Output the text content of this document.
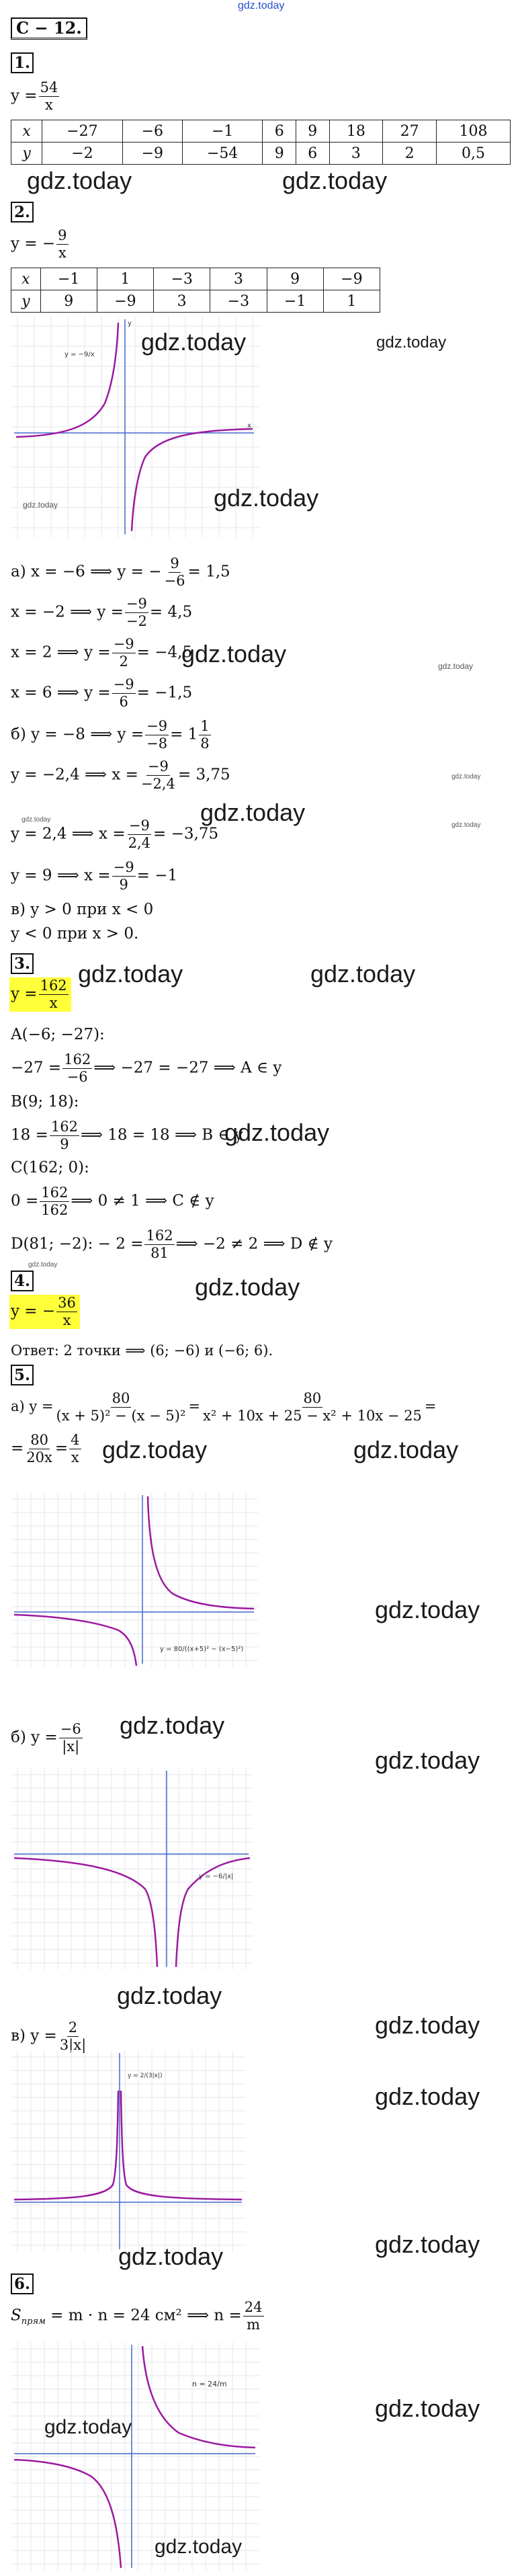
gdz.today
C − 12.
1.
$y = \frac{54}{x}$
x	−27	−6	−1	6	9	18	27	108
y	−2	−9	−54	9	6	3	2	0,5
gdz.today	gdz.today
2.
y = − $\frac{9}{x}$
x	−1	1	−3	3	9	−9
y	9	−9	3	−3	−1	1
x
y
y = −9/x gdz.today	gdz.today
gdz.today
gdz.today
а) x = −6 ⟹ y = − $\frac{9}{-6} = 1,5$
x = −2 ⟹ $y = \frac{-9}{-2} = 4,5$
x = 2 ⟹ $y = \frac{-9}{2} = -4,5$
gdz.today	gdz.today
x = 6 ⟹ $y = \frac{-9}{6} = -1,5$
б) y = −8 ⟹ $y = \frac{-9}{-8} = 1 \frac{1}{8}$
y = −2,4 ⟹ $x = \frac{-9}{-2,4} = 3,75$	gdz.today
gdz.today
gdz.today
gdz.today
y = 2,4 ⟹ $x = \frac{-9}{2,4} = -3,75$
y = 9 ⟹ $x = \frac{-9}{9} = -1$
в) y > 0 при x < 0
y < 0 при x > 0.
3.
$y = \frac{162}{x}$
gdz.today	gdz.today
A(−6; −27):
$-27 = \frac{162}{-6}$ ⟹ −27 = −27 ⟹ A ∈ y
B(9; 18):
$18 = \frac{162}{9}$ ⟹ 18 = 18 ⟹ B ∈ y
gdz.today
C(162; 0):
$0 = \frac{162}{162}$ ⟹ 0 ≠ 1 ⟹ C ∉ y
D(81; −2): − $2 = \frac{162}{81}$ ⟹ −2 ≠ 2 ⟹ D ∉ y
gdz.today
4.	gdz.today
y = − $\frac{36}{x}$
Ответ: 2 точки ⟹ (6; −6) и (−6; 6).
5.
а) $y = \frac{80}{\text{(x + 5)² − (x − 5)²}} = \frac{80}{\text{x² + 10x + 25 − x² + 10x − 25}}$ =
= $\frac{80}{20x} = \frac{4}{x}$ gdz.today	gdz.today
y = 80/((x+5)² − (x−5)²)
gdz.today
б) $y = \frac{-6}{|x|}$ gdz.today
gdz.today
y = −6/|x|
в) $y = \frac{2}{3|x|}$
gdz.today
gdz.today
y = 2/(3|x|)
gdz.today
gdz.today
gdz.today
6.
$S_{прям} = m \cdot n = 24$ см² ⟹ $n = \frac{24}{m}$
n = 24/m
gdz.today
gdz.today
gdz.today
